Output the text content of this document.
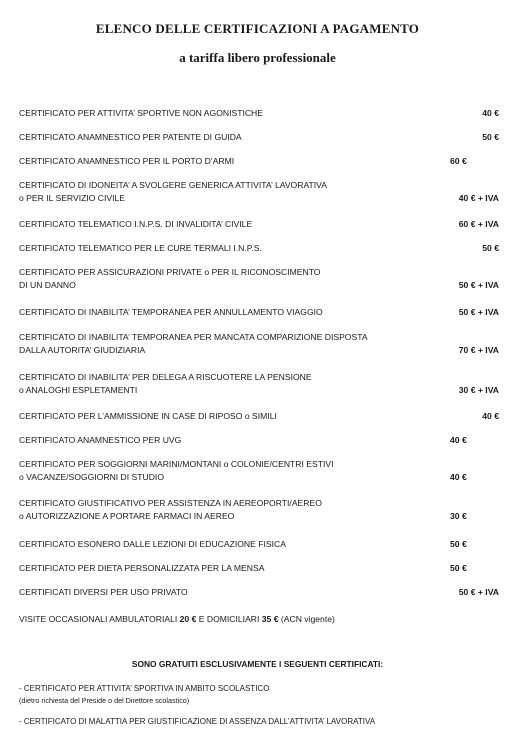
ELENCO DELLE CERTIFICAZIONI A PAGAMENTO
a tariffa libero professionale
CERTIFICATO PER ATTIVITA’ SPORTIVE NON AGONISTICHE	40 €
CERTIFICATO ANAMNESTICO PER PATENTE DI GUIDA	50 €
CERTIFICATO ANAMNESTICO PER IL PORTO D’ARMI	60 €
CERTIFICATO DI IDONEITA’ A SVOLGERE GENERICA ATTIVITA’ LAVORATIVA
o PER IL SERVIZIO CIVILE	40 € + IVA
CERTIFICATO TELEMATICO I.N.P.S. DI INVALIDITA’ CIVILE	60 € + IVA
CERTIFICATO TELEMATICO PER LE CURE TERMALI I.N.P.S.	50 €
CERTIFICATO PER ASSICURAZIONI PRIVATE o PER IL RICONOSCIMENTO
DI UN DANNO	50 € + IVA
CERTIFICATO DI INABILITA’ TEMPORANEA PER ANNULLAMENTO VIAGGIO	50 € + IVA
CERTIFICATO DI INABILITA’ TEMPORANEA PER MANCATA COMPARIZIONE DISPOSTA
DALLA AUTORITA’ GIUDIZIARIA	70 € + IVA
CERTIFICATO DI INABILITA’ PER DELEGA A RISCUOTERE LA PENSIONE
o ANALOGHI ESPLETAMENTI	30 € + IVA
CERTIFICATO PER L’AMMISSIONE IN CASE DI RIPOSO o SIMILI	40 €
CERTIFICATO ANAMNESTICO PER UVG	40 €
CERTIFICATO PER SOGGIORNI MARINI/MONTANI o COLONIE/CENTRI ESTIVI
o VACANZE/SOGGIORNI DI STUDIO	40 €
CERTIFICATO GIUSTIFICATIVO PER ASSISTENZA IN AEREOPORTI/AEREO
o AUTORIZZAZIONE A PORTARE FARMACI IN AEREO	30 €
CERTIFICATO ESONERO DALLE LEZIONI DI EDUCAZIONE FISICA	50 €
CERTIFICATO PER DIETA PERSONALIZZATA PER LA MENSA	50 €
CERTIFICATI DIVERSI PER USO PRIVATO	50 € + IVA
VISITE OCCASIONALI AMBULATORIALI 20 € E DOMICILIARI 35 € (ACN vigente)
SONO GRATUITI ESCLUSIVAMENTE I SEGUENTI CERTIFICATI:
- CERTIFICATO PER ATTIVITA’ SPORTIVA IN AMBITO SCOLASTICO
(dietro richiesta del Preside o del Direttore scolastico)
- CERTIFICATO DI MALATTIA PER GIUSTIFICAZIONE DI ASSENZA DALL’ATTIVITA’ LAVORATIVA
